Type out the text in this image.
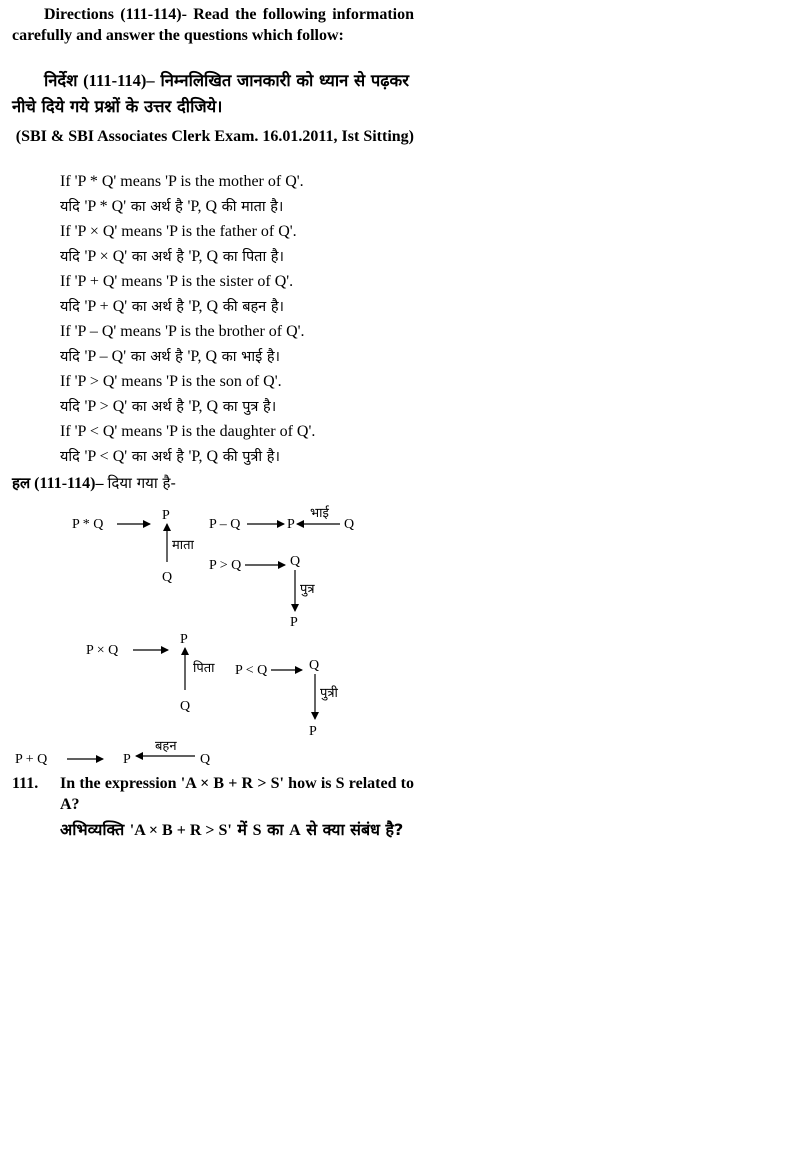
Directions (111-114)- Read the following information carefully and answer the questions which follow:
निर्देश (111-114)– निम्नलिखित जानकारी को ध्यान से पढ़कर नीचे दिये गये प्रश्नों के उत्तर दीजिये।
(SBI & SBI Associates Clerk Exam. 16.01.2011, Ist Sitting)
If 'P * Q' means 'P is the mother of Q'.
यदि 'P * Q' का अर्थ है 'P, Q की माता है।
If 'P × Q' means 'P is the father of Q'.
यदि 'P × Q' का अर्थ है 'P, Q का पिता है।
If 'P + Q' means 'P is the sister of Q'.
यदि 'P + Q' का अर्थ है 'P, Q की बहन है।
If 'P – Q' means 'P is the brother of Q'.
यदि 'P – Q' का अर्थ है 'P, Q का भाई है।
If 'P > Q' means 'P is the son of Q'.
यदि 'P > Q' का अर्थ है 'P, Q का पुत्र है।
If 'P < Q' means 'P is the daughter of Q'.
यदि 'P < Q' का अर्थ है 'P, Q की पुत्री है।
हल (111-114)– दिया गया है-
P * Q
P
माता
Q
P – Q	P
भाई
Q
P > Q	Q
पुत्र
P
P × Q
P
पिता
Q
P < Q	Q
पुत्री
P
P + Q	P
बहन
Q
111. In the expression 'A × B + R > S' how is S related to A?
अभिव्यक्ति 'A × B + R > S' में S का A से क्या संबंध है?
